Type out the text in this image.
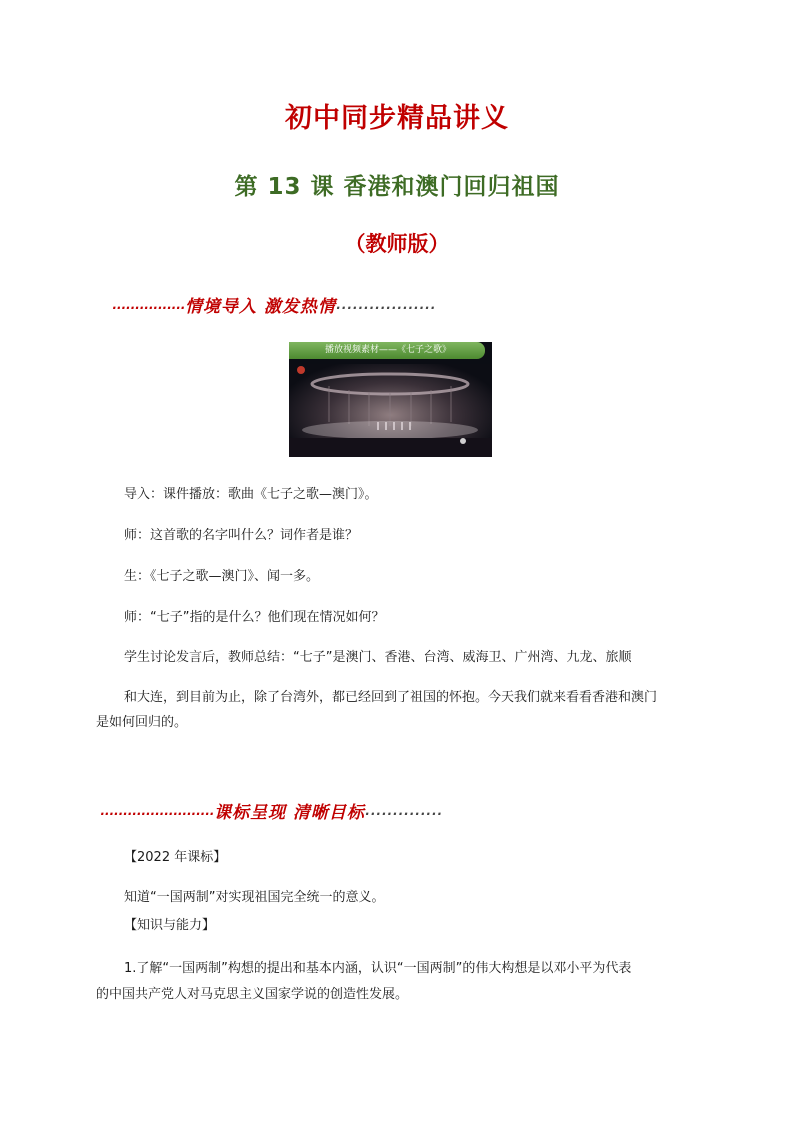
初中同步精品讲义
第 13 课 香港和澳门回归祖国
（教师版）
················情境导入 激发热情··················
播放视频素材——《七子之歌》
导入：课件播放：歌曲《七子之歌—澳门》。
师：这首歌的名字叫什么？词作者是谁？
生：《七子之歌—澳门》、闻一多。
师：“七子”指的是什么？他们现在情况如何？
学生讨论发言后，教师总结：“七子”是澳门、香港、台湾、威海卫、广州湾、九龙、旅顺
和大连，到目前为止，除了台湾外，都已经回到了祖国的怀抱。今天我们就来看看香港和澳门
是如何回归的。
·························课标呈现 清晰目标··············
【2022 年课标】
知道“一国两制”对实现祖国完全统一的意义。
【知识与能力】
1.了解“一国两制”构想的提出和基本内涵，认识“一国两制”的伟大构想是以邓小平为代表
的中国共产党人对马克思主义国家学说的创造性发展。
